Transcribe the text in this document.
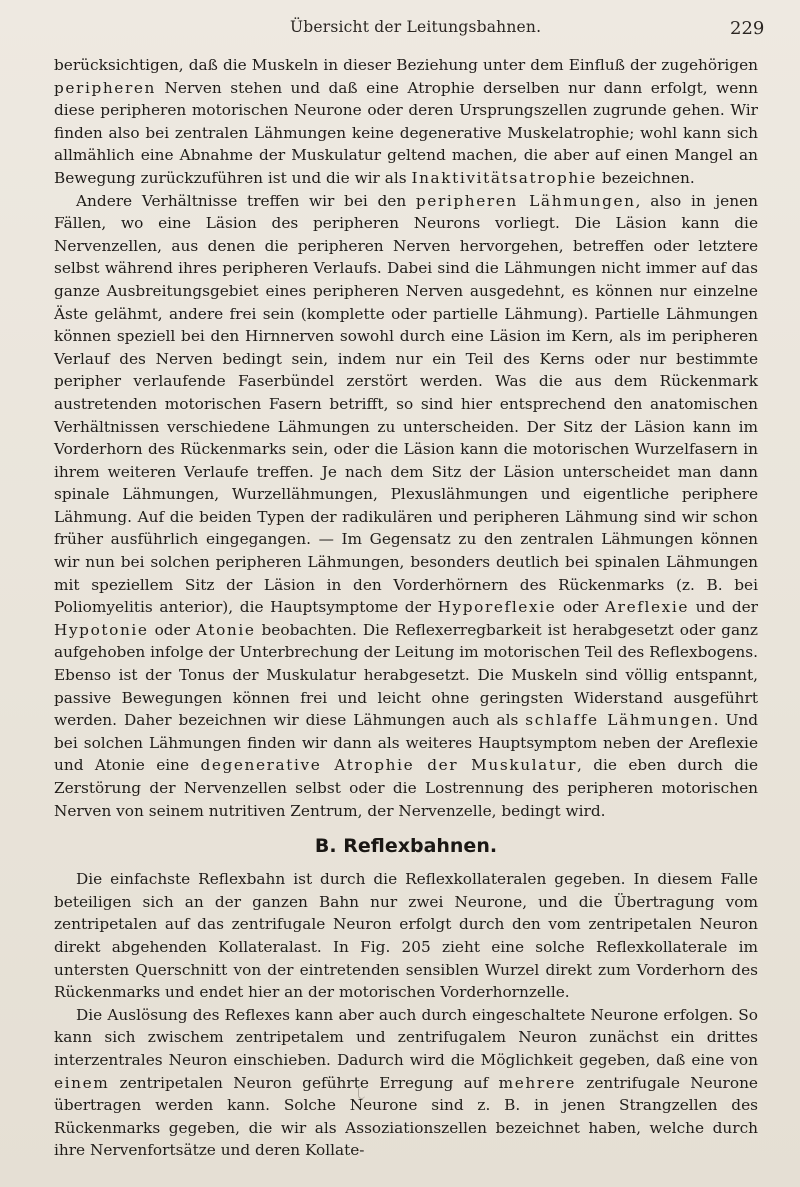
Übersicht der Leitungsbahnen.	229

berücksichtigen, daß die Muskeln in dieser Beziehung unter dem Einfluß der zugehörigen peripheren Nerven stehen und daß eine Atrophie derselben nur dann erfolgt, wenn diese peripheren motorischen Neurone oder deren Ursprungszellen zugrunde gehen. Wir finden also bei zentralen Lähmungen keine degenerative Muskelatrophie; wohl kann sich allmählich eine Abnahme der Muskulatur geltend machen, die aber auf einen Mangel an Bewegung zurückzuführen ist und die wir als Inaktivitätsatrophie bezeichnen.

Andere Verhältnisse treffen wir bei den peripheren Lähmungen, also in jenen Fällen, wo eine Läsion des peripheren Neurons vorliegt. Die Läsion kann die Nervenzellen, aus denen die peripheren Nerven hervorgehen, betreffen oder letztere selbst während ihres peripheren Verlaufs. Dabei sind die Lähmungen nicht immer auf das ganze Ausbreitungsgebiet eines peripheren Nerven ausgedehnt, es können nur einzelne Äste gelähmt, andere frei sein (komplette oder partielle Lähmung). Partielle Lähmungen können speziell bei den Hirnnerven sowohl durch eine Läsion im Kern, als im peripheren Verlauf des Nerven bedingt sein, indem nur ein Teil des Kerns oder nur bestimmte peripher verlaufende Faserbündel zerstört werden. Was die aus dem Rückenmark austretenden motorischen Fasern betrifft, so sind hier entsprechend den anatomischen Verhältnissen verschiedene Lähmungen zu unterscheiden. Der Sitz der Läsion kann im Vorderhorn des Rückenmarks sein, oder die Läsion kann die motorischen Wurzelfasern in ihrem weiteren Verlaufe treffen. Je nach dem Sitz der Läsion unterscheidet man dann spinale Lähmungen, Wurzellähmungen, Plexuslähmungen und eigentliche periphere Lähmung. Auf die beiden Typen der radikulären und peripheren Lähmung sind wir schon früher ausführlich eingegangen. — Im Gegensatz zu den zentralen Lähmungen können wir nun bei solchen peripheren Lähmungen, besonders deutlich bei spinalen Lähmungen mit speziellem Sitz der Läsion in den Vorderhörnern des Rückenmarks (z. B. bei Poliomyelitis anterior), die Hauptsymptome der Hyporeflexie oder Areflexie und der Hypotonie oder Atonie beobachten. Die Reflexerregbarkeit ist herabgesetzt oder ganz aufgehoben infolge der Unterbrechung der Leitung im motorischen Teil des Reflexbogens. Ebenso ist der Tonus der Muskulatur herabgesetzt. Die Muskeln sind völlig entspannt, passive Bewegungen können frei und leicht ohne geringsten Widerstand ausgeführt werden. Daher bezeichnen wir diese Lähmungen auch als schlaffe Lähmungen. Und bei solchen Lähmungen finden wir dann als weiteres Hauptsymptom neben der Areflexie und Atonie eine degenerative Atrophie der Muskulatur, die eben durch die Zerstörung der Nervenzellen selbst oder die Lostrennung des peripheren motorischen Nerven von seinem nutritiven Zentrum, der Nervenzelle, bedingt wird.

B. Reflexbahnen.

Die einfachste Reflexbahn ist durch die Reflexkollateralen gegeben. In diesem Falle beteiligen sich an der ganzen Bahn nur zwei Neurone, und die Übertragung vom zentripetalen auf das zentrifugale Neuron erfolgt durch den vom zentripetalen Neuron direkt abgehenden Kollateralast. In Fig. 205 zieht eine solche Reflexkollaterale im untersten Querschnitt von der eintretenden sensiblen Wurzel direkt zum Vorderhorn des Rückenmarks und endet hier an der motorischen Vorderhornzelle.

Die Auslösung des Reflexes kann aber auch durch eingeschaltete Neurone erfolgen. So kann sich zwischem zentripetalem und zentrifugalem Neuron zunächst ein drittes interzentrales Neuron einschieben. Dadurch wird die Möglichkeit gegeben, daß eine von einem zentripetalen Neuron geführte Erregung auf mehrere zentrifugale Neurone übertragen werden kann. Solche Neurone sind z. B. in jenen Strangzellen des Rückenmarks gegeben, die wir als Assoziationszellen bezeichnet haben, welche durch ihre Nervenfortsätze und deren Kollate-
